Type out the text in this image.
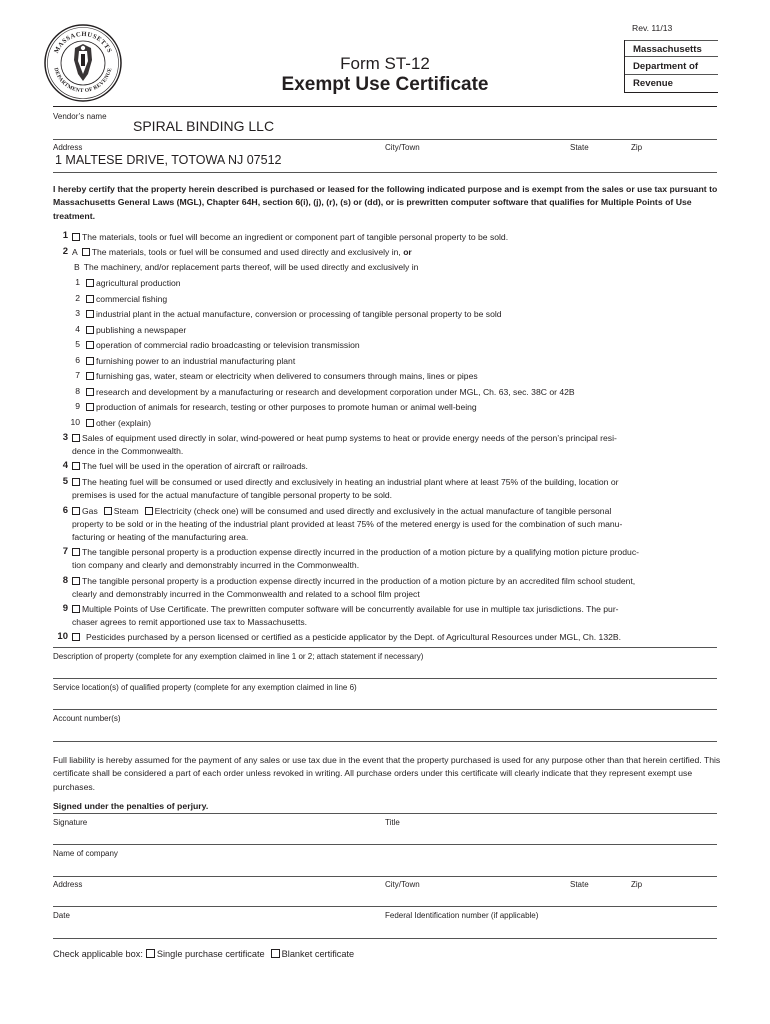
MASSACHUSETTS
DEPARTMENT OF REVENUE
Rev. 11/13
Form ST-12
Exempt Use Certificate
Massachusetts
Department of
Revenue
Vendor’s name
SPIRAL BINDING LLC
Address	City/Town	State	Zip
1 MALTESE DRIVE, TOTOWA NJ 07512
I hereby certify that the property herein described is purchased or leased for the following indicated purpose and is exempt from the sales or use tax pursuant to Massachusetts General Laws (MGL), Chapter 64H, section 6(i), (j), (r), (s) or (dd), or is prewritten computer software that qualifies for Multiple Points of Use treatment.
1	The materials, tools or fuel will become an ingredient or component part of tangible personal property to be sold.
2 A The materials, tools or fuel will be consumed and used directly and exclusively in, or
B The machinery, and/or replacement parts thereof, will be used directly and exclusively in
1	agricultural production
2	commercial fishing
3	industrial plant in the actual manufacture, conversion or processing of tangible personal property to be sold
4	publishing a newspaper
5	operation of commercial radio broadcasting or television transmission
6	furnishing power to an industrial manufacturing plant
7	furnishing gas, water, steam or electricity when delivered to consumers through mains, lines or pipes
8	research and development by a manufacturing or research and development corporation under MGL, Ch. 63, sec. 38C or 42B
9	production of animals for research, testing or other purposes to promote human or animal well-being
10	other (explain)
3	Sales of equipment used directly in solar, wind-powered or heat pump systems to heat or provide energy needs of the person’s principal resi-
dence in the Commonwealth.
4	The fuel will be used in the operation of aircraft or railroads.
5	The heating fuel will be consumed or used directly and exclusively in heating an industrial plant where at least 75% of the building, location or
premises is used for the actual manufacture of tangible personal property to be sold.
6	Gas Steam Electricity (check one) will be consumed and used directly and exclusively in the actual manufacture of tangible personal
property to be sold or in the heating of the industrial plant provided at least 75% of the metered energy is used for the combination of such manu-
facturing or heating of the manufacturing area.
7	The tangible personal property is a production expense directly incurred in the production of a motion picture by a qualifying motion picture produc-
tion company and clearly and demonstrably incurred in the Commonwealth.
8	The tangible personal property is a production expense directly incurred in the production of a motion picture by an accredited film school student,
clearly and demonstrably incurred in the Commonwealth and related to a school film project
9	Multiple Points of Use Certificate. The prewritten computer software will be concurrently available for use in multiple tax jurisdictions. The pur-
chaser agrees to remit apportioned use tax to Massachusetts.
10	Pesticides purchased by a person licensed or certified as a pesticide applicator by the Dept. of Agricultural Resources under MGL, Ch. 132B.
Description of property (complete for any exemption claimed in line 1 or 2; attach statement if necessary)
Service location(s) of qualified property (complete for any exemption claimed in line 6)
Account number(s)
Full liability is hereby assumed for the payment of any sales or use tax due in the event that the property purchased is used for any purpose other than that herein certified. This certificate shall be considered a part of each order unless revoked in writing. All purchase orders under this certificate will clearly indicate that they represent exempt use purchases.
Signed under the penalties of perjury.
Signature	Title
Name of company
Address	City/Town	State	Zip
Date	Federal Identification number (if applicable)
Check applicable box: Single purchase certificate Blanket certificate
